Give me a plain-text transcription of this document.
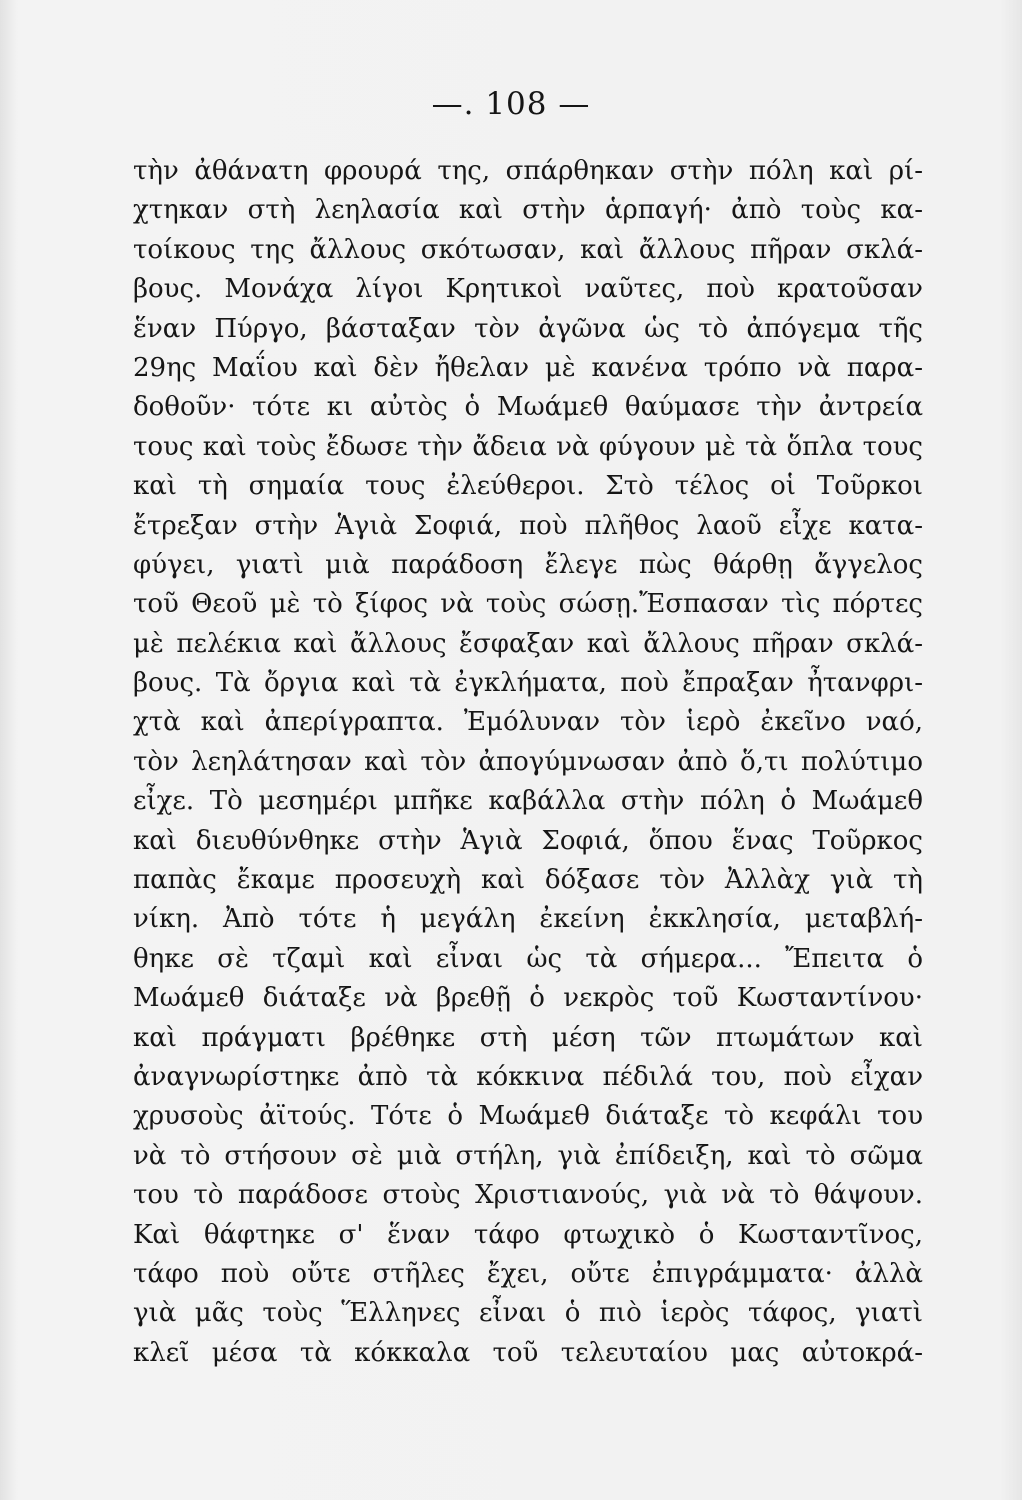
—. 108 —
τὴν ἀθάνατη φρουρά της, σπάρθηκαν στὴν πόλη καὶ ρί-
χτηκαν στὴ λεηλασία καὶ στὴν ἁρπαγή· ἀπὸ τοὺς κα-
τοίκους της ἄλλους σκότωσαν, καὶ ἄλλους πῆραν σκλά-
βους. Μονάχα λίγοι Κρητικοὶ ναῦτες, ποὺ κρατοῦσαν
ἕναν Πύργο, βάσταξαν τὸν ἀγῶνα ὡς τὸ ἀπόγεμα τῆς
29ης Μαΐου καὶ δὲν ἤθελαν μὲ κανένα τρόπο νὰ παρα-
δοθοῦν· τότε κι αὐτὸς ὁ Μωάμεθ θαύμασε τὴν ἀντρεία
τους καὶ τοὺς ἔδωσε τὴν ἄδεια νὰ φύγουν μὲ τὰ ὅπλα τους
καὶ τὴ σημαία τους ἐλεύθεροι. Στὸ τέλος οἱ Τοῦρκοι
ἔτρεξαν στὴν Ἁγιὰ Σοφιά, ποὺ πλῆθος λαοῦ εἶχε κατα-
φύγει, γιατὶ μιὰ παράδοση ἔλεγε πὼς θάρθῃ ἄγγελος
τοῦ Θεοῦ μὲ τὸ ξίφος νὰ τοὺς σώσῃ.Ἔσπασαν τὶς πόρτες
μὲ πελέκια καὶ ἄλλους ἔσφαξαν καὶ ἄλλους πῆραν σκλά-
βους. Τὰ ὄργια καὶ τὰ ἐγκλήματα, ποὺ ἔπραξαν ἦτανφρι-
χτὰ καὶ ἀπερίγραπτα. Ἐμόλυναν τὸν ἱερὸ ἐκεῖνο ναό,
τὸν λεηλάτησαν καὶ τὸν ἀπογύμνωσαν ἀπὸ ὅ,τι πολύτιμο
εἶχε. Τὸ μεσημέρι μπῆκε καβάλλα στὴν πόλη ὁ Μωάμεθ
καὶ διευθύνθηκε στὴν Ἁγιὰ Σοφιά, ὅπου ἕνας Τοῦρκος
παπὰς ἔκαμε προσευχὴ καὶ δόξασε τὸν Ἀλλὰχ γιὰ τὴ
νίκη. Ἀπὸ τότε ἡ μεγάλη ἐκείνη ἐκκλησία, μεταβλή-
θηκε σὲ τζαμὶ καὶ εἶναι ὡς τὰ σήμερα... Ἔπειτα ὁ
Μωάμεθ διάταξε νὰ βρεθῇ ὁ νεκρὸς τοῦ Κωσταντίνου·
καὶ πράγματι βρέθηκε στὴ μέση τῶν πτωμάτων καὶ
ἀναγνωρίστηκε ἀπὸ τὰ κόκκινα πέδιλά του, ποὺ εἶχαν
χρυσοὺς ἀϊτούς. Τότε ὁ Μωάμεθ διάταξε τὸ κεφάλι του
νὰ τὸ στήσουν σὲ μιὰ στήλη, γιὰ ἐπίδειξη, καὶ τὸ σῶμα
του τὸ παράδοσε στοὺς Χριστιανούς, γιὰ νὰ τὸ θάψουν.
Καὶ θάφτηκε σ' ἕναν τάφο φτωχικὸ ὁ Κωσταντῖνος,
τάφο ποὺ οὔτε στῆλες ἔχει, οὔτε ἐπιγράμματα· ἀλλὰ
γιὰ μᾶς τοὺς Ἕλληνες εἶναι ὁ πιὸ ἱερὸς τάφος, γιατὶ
κλεῖ μέσα τὰ κόκκαλα τοῦ τελευταίου μας αὐτοκρά-
